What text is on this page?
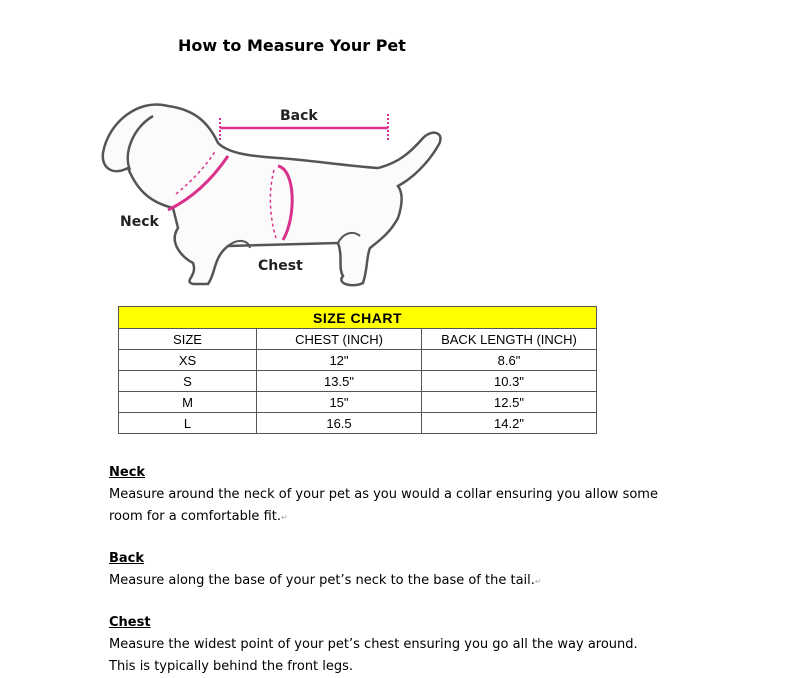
How to Measure Your Pet
Back
Neck
Chest
SIZE CHART		
SIZE	CHEST (INCH)	BACK LENGTH (INCH)
XS	12"	8.6"
S	13.5"	10.3"
M	15"	12.5"
L	16.5	14.2"
Neck

Measure around the neck of your pet as you would a collar ensuring you allow some

room for a comfortable fit.↵

Back

Measure along the base of your pet’s neck to the base of the tail.↵

Chest

Measure the widest point of your pet’s chest ensuring you go all the way around.

This is typically behind the front legs.
